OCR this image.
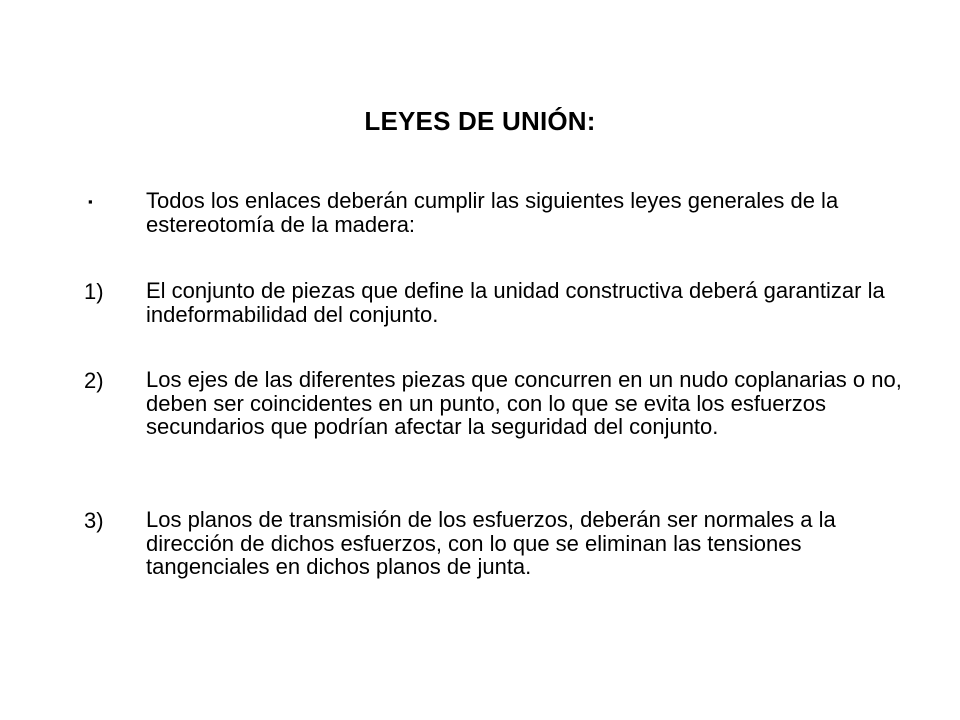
LEYES DE UNIÓN:
▪	Todos los enlaces deberán cumplir las siguientes leyes generales de la estereotomía de la madera:

1)	El conjunto de piezas que define la unidad constructiva deberá garantizar la indeformabilidad del conjunto.

2)	Los ejes de las diferentes piezas que concurren en un nudo coplanarias o no, deben ser coincidentes en un punto, con lo que se evita los esfuerzos secundarios que podrían afectar la seguridad del conjunto.

3)	Los planos de transmisión de los esfuerzos, deberán ser normales a la dirección de dichos esfuerzos, con lo que se eliminan las tensiones tangenciales en dichos planos de junta.
